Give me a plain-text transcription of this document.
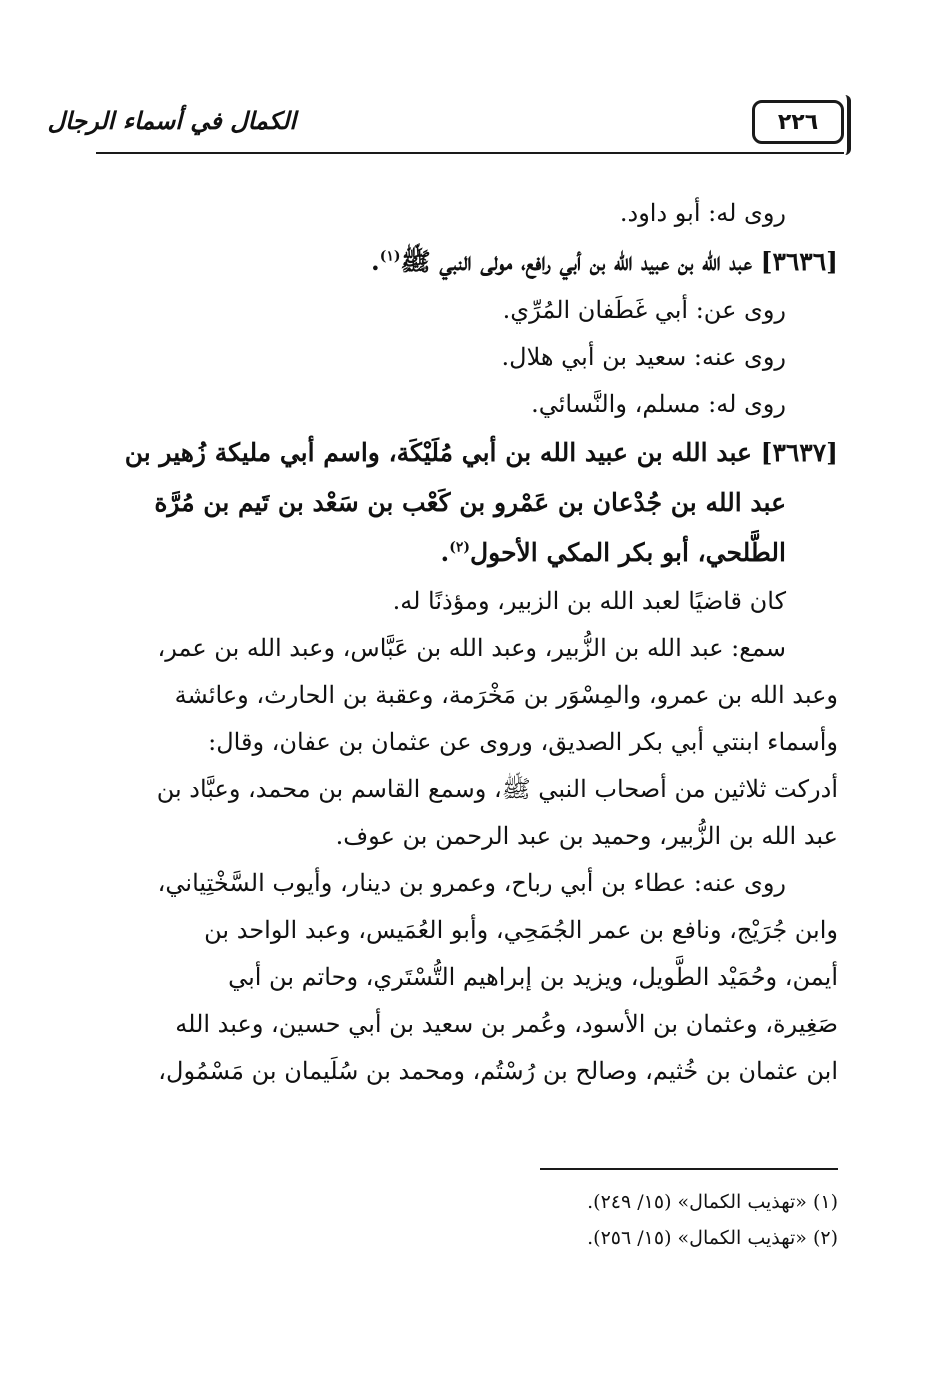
الكمال في أسماء الرجال	٢٢٦
روى له: أبو داود.
[٣٦٣٦] عبد الله بن عبيد الله بن أبي رافع، مولى النبي ﷺ$^{(١)}$.
روى عن: أبي غَطَفان المُرِّي.
روى عنه: سعيد بن أبي هلال.
روى له: مسلم، والنَّسائي.
[٣٦٣٧] عبد الله بن عبيد الله بن أبي مُلَيْكَة، واسم أبي مليكة زُهير بن
عبد الله بن جُدْعان بن عَمْرو بن كَعْب بن سَعْد بن تَيم بن مُرَّة
الطَّلحي، أبو بكر المكي الأحول$^{(٢)}$.
كان قاضيًا لعبد الله بن الزبير، ومؤذنًا له.
سمع: عبد الله بن الزُّبير، وعبد الله بن عَبَّاس، وعبد الله بن عمر،
وعبد الله بن عمرو، والمِسْوَر بن مَخْرَمة، وعقبة بن الحارث، وعائشة
وأسماء ابنتي أبي بكر الصديق، وروى عن عثمان بن عفان، وقال:
أدركت ثلاثين من أصحاب النبي ﷺ، وسمع القاسم بن محمد، وعبَّاد بن
عبد الله بن الزُّبير، وحميد بن عبد الرحمن بن عوف.
روى عنه: عطاء بن أبي رباح، وعمرو بن دينار، وأيوب السَّخْتِياني،
وابن جُرَيْج، ونافع بن عمر الجُمَحِي، وأبو العُمَيس، وعبد الواحد بن
أيمن، وحُمَيْد الطَّويل، ويزيد بن إبراهيم التُّسْتَري، وحاتم بن أبي
صَغِيرة، وعثمان بن الأسود، وعُمر بن سعيد بن أبي حسين، وعبد الله
ابن عثمان بن خُثيم، وصالح بن رُسْتُم، ومحمد بن سُلَيمان بن مَسْمُول،
(١) «تهذيب الكمال» (١٥/ ٢٤٩).
(٢) «تهذيب الكمال» (١٥/ ٢٥٦).
